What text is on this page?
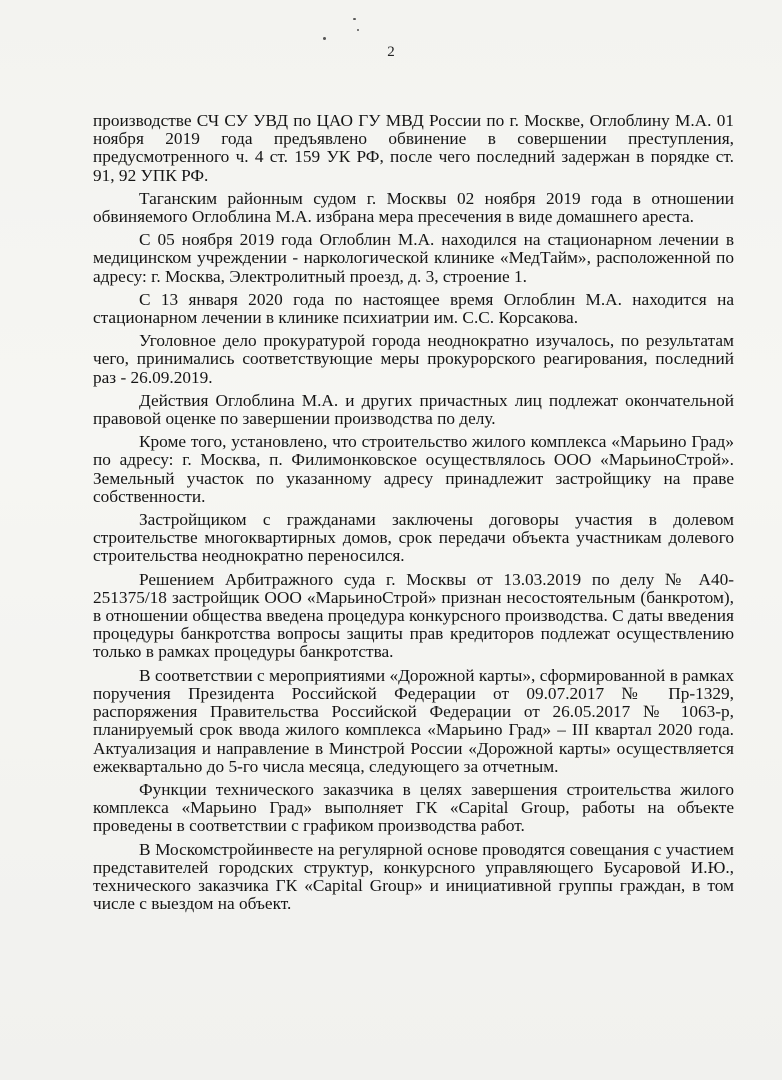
2

производстве СЧ СУ УВД по ЦАО ГУ МВД России по г. Москве, Оглоблину М.А. 01 ноября 2019 года предъявлено обвинение в совершении преступления, предусмотренного ч. 4 ст. 159 УК РФ, после чего последний задержан в порядке ст. 91, 92 УПК РФ.

Таганским районным судом г. Москвы 02 ноября 2019 года в отношении обвиняемого Оглоблина М.А. избрана мера пресечения в виде домашнего ареста.

С 05 ноября 2019 года Оглоблин М.А. находился на стационарном лечении в медицинском учреждении - наркологической клинике «МедТайм», расположенной по адресу: г. Москва, Электролитный проезд, д. 3, строение 1.

С 13 января 2020 года по настоящее время Оглоблин М.А. находится на стационарном лечении в клинике психиатрии им. С.С. Корсакова.

Уголовное дело прокуратурой города неоднократно изучалось, по результатам чего, принимались соответствующие меры прокурорского реагирования, последний раз - 26.09.2019.

Действия Оглоблина М.А. и других причастных лиц подлежат окончательной правовой оценке по завершении производства по делу.

Кроме того, установлено, что строительство жилого комплекса «Марьино Град» по адресу: г. Москва, п. Филимонковское осуществлялось ООО «МарьиноСтрой». Земельный участок по указанному адресу принадлежит застройщику на праве собственности.

Застройщиком с гражданами заключены договоры участия в долевом строительстве многоквартирных домов, срок передачи объекта участникам долевого строительства неоднократно переносился.

Решением Арбитражного суда г. Москвы от 13.03.2019 по делу № А40-251375/18 застройщик ООО «МарьиноСтрой» признан несостоятельным (банкротом), в отношении общества введена процедура конкурсного производства. С даты введения процедуры банкротства вопросы защиты прав кредиторов подлежат осуществлению только в рамках процедуры банкротства.

В соответствии с мероприятиями «Дорожной карты», сформированной в рамках поручения Президента Российской Федерации от 09.07.2017 № Пр-1329, распоряжения Правительства Российской Федерации от 26.05.2017 № 1063-р, планируемый срок ввода жилого комплекса «Марьино Град» – III квартал 2020 года. Актуализация и направление в Минстрой России «Дорожной карты» осуществляется ежеквартально до 5-го числа месяца, следующего за отчетным.

Функции технического заказчика в целях завершения строительства жилого комплекса «Марьино Град» выполняет ГК «Capital Group, работы на объекте проведены в соответствии с графиком производства работ.

В Москомстройинвесте на регулярной основе проводятся совещания с участием представителей городских структур, конкурсного управляющего Бусаровой И.Ю., технического заказчика ГК «Capital Group» и инициативной группы граждан, в том числе с выездом на объект.
